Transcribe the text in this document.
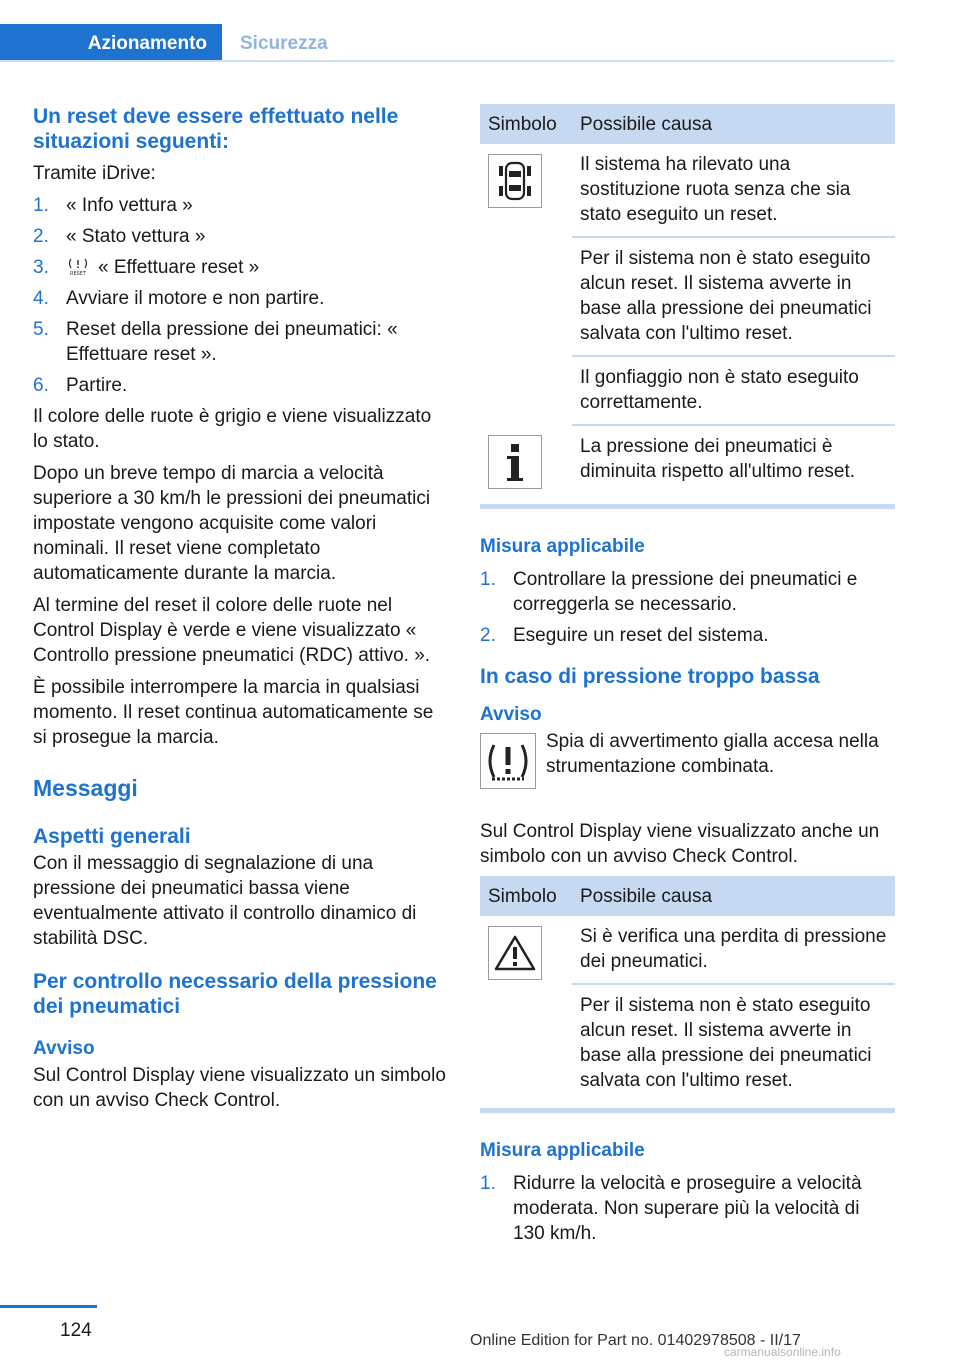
Azionamento	Sicurezza
Un reset deve essere effettuato nelle situazioni seguenti:

Tramite iDrive:

1. « Info vettura »
2. « Stato vettura »
3.	RESET « Effettuare reset »
4. Avviare il motore e non partire.
5. Reset della pressione dei pneumatici: « Effettuare reset ».
6. Partire.

Il colore delle ruote è grigio e viene visualizzato lo stato.

Dopo un breve tempo di marcia a velocità superiore a 30 km/h le pressioni dei pneumatici impostate vengono acquisite come valori nominali. Il reset viene completato automaticamente durante la marcia.

Al termine del reset il colore delle ruote nel Control Display è verde e viene visualizzato « Controllo pressione pneumatici (RDC) attivo. ».

È possibile interrompere la marcia in qualsiasi momento. Il reset continua automaticamente se si prosegue la marcia.

Messaggi
Aspetti generali

Con il messaggio di segnalazione di una pressione dei pneumatici bassa viene eventualmente attivato il controllo dinamico di stabilità DSC.

Per controllo necessario della pressione dei pneumatici
Avviso

Sul Control Display viene visualizzato un simbolo con un avviso Check Control.

Simbolo	Possibile causa

	Il sistema ha rilevato una sostituzione ruota senza che sia stato eseguito un reset.
	Per il sistema non è stato eseguito alcun reset. Il sistema avverte in base alla pressione dei pneumatici salvata con l'ultimo reset.
	Il gonfiaggio non è stato eseguito correttamente.

	La pressione dei pneumatici è diminuita rispetto all'ultimo reset.
Misura applicabile
1. Controllare la pressione dei pneumatici e correggerla se necessario.
2. Eseguire un reset del sistema.
In caso di pressione troppo bassa
Avviso
Spia di avvertimento gialla accesa nella strumentazione combinata.

Sul Control Display viene visualizzato anche un simbolo con un avviso Check Control.

Simbolo	Possibile causa

	Si è verifica una perdita di pressione dei pneumatici.
	Per il sistema non è stato eseguito alcun reset. Il sistema avverte in base alla pressione dei pneumatici salvata con l'ultimo reset.
Misura applicabile
1. Ridurre la velocità e proseguire a velocità moderata. Non superare più la velocità di 130 km/h.
124	Online Edition for Part no. 01402978508 - II/17
carmanualsonline.info
